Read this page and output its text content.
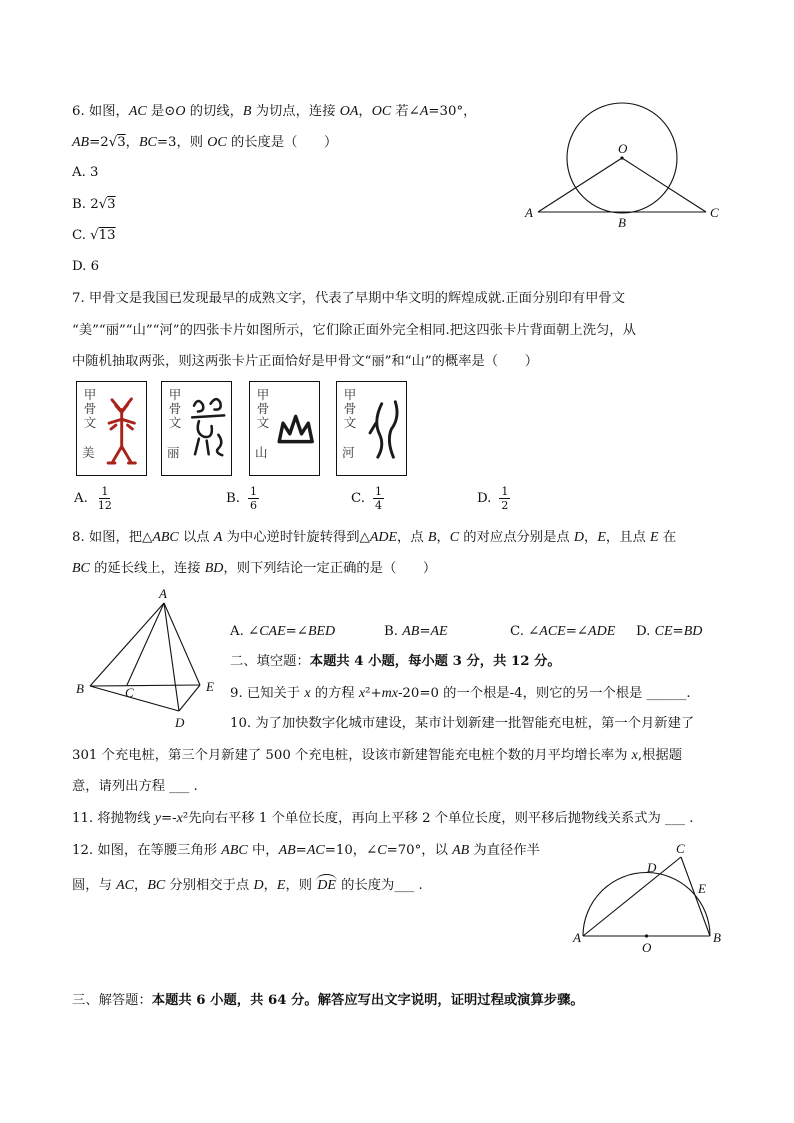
O
A
B
C
A
B	C
D
E
A	B
C
D
E
O
6. 如图，AC 是⊙O 的切线，B 为切点，连接 OA，OC 若∠A=30°，
AB=2√3，BC=3，则 OC 的长度是（　　）
A. 3
B. 2√3
C. √13
D. 6
7. 甲骨文是我国已发现最早的成熟文字，代表了早期中华文明的辉煌成就.正面分别印有甲骨文
“美”“丽”“山”“河”的四张卡片如图所示，它们除正面外完全相同.把这四张卡片背面朝上洗匀，从
中随机抽取两张，则这两张卡片正面恰好是甲骨文“丽”和“山”的概率是（　　）
甲骨文
美
甲骨文
丽
甲骨文
山
甲骨文
河
A. $\frac{1}{12}$	B. $\frac{1}{6}$	C. $\frac{1}{4}$	D. $\frac{1}{2}$
8. 如图，把△ABC 以点 A 为中心逆时针旋转得到△ADE，点 B，C 的对应点分别是点 D，E，且点 E 在
BC 的延长线上，连接 BD，则下列结论一定正确的是（　　）
A. ∠CAE=∠BED	B. AB=AE	C. ∠ACE=∠ADE D. CE=BD
二、填空题：本题共 4 小题，每小题 3 分，共 12 分。
9. 已知关于 x 的方程 x²+mx-20=0 的一个根是-4，则它的另一个根是 ______.
10. 为了加快数字化城市建设，某市计划新建一批智能充电桩，第一个月新建了
301 个充电桩，第三个月新建了 500 个充电桩，设该市新建智能充电桩个数的月平均增长率为 x,根据题
意，请列出方程 ___ .
11. 将抛物线 y=-x²先向右平移 1 个单位长度，再向上平移 2 个单位长度，则平移后抛物线关系式为 ___ .
12. 如图，在等腰三角形 ABC 中，AB=AC=10，∠C=70°，以 AB 为直径作半
圆，与 AC，BC 分别相交于点 D，E，则 DE 的长度为___ .
三、解答题：本题共 6 小题，共 64 分。解答应写出文字说明，证明过程或演算步骤。
